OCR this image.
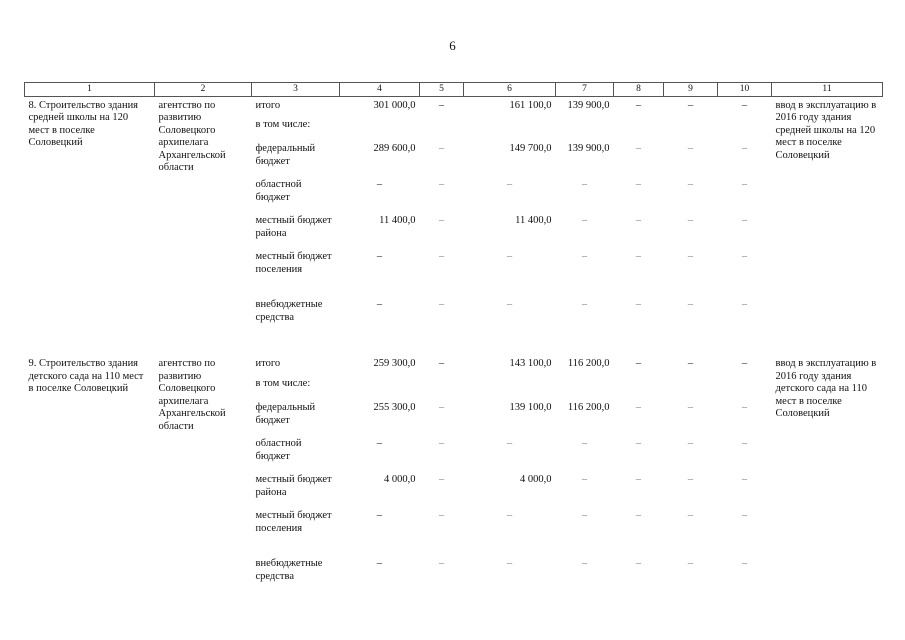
6
1	2	3	4	5	6	7	8	9	10	11
8. Строительство здания средней школы на 120 мест в поселке Соловецкий	агентство по развитию Соловецкого архипелага Архангельской области	итого	301 000,0	–	161 100,0	139 900,0	–	–	–	ввод в эксплуатацию в 2016 году здания средней школы на 120 мест в поселке Соловецкий
		в том числе:								
		федеральный бюджет	289 600,0	–	149 700,0	139 900,0	–	–	–	
		областной бюджет	–	–	–	–	–	–	–	
		местный бюджет района	11 400,0	–	11 400,0	–	–	–	–	
		местный бюджет поселения	–	–	–	–	–	–	–	
		внебюджетные средства	–	–	–	–	–	–	–	

9. Строительство здания детского сада на 110 мест в поселке Соловецкий	агентство по развитию Соловецкого архипелага Архангельской области	итого	259 300,0	–	143 100,0	116 200,0	–	–	–	ввод в эксплуатацию в 2016 году здания детского сада на 110 мест в поселке Соловецкий
		в том числе:								
		федеральный бюджет	255 300,0	–	139 100,0	116 200,0	–	–	–	
		областной бюджет	–	–	–	–	–	–	–	
		местный бюджет района	4 000,0	–	4 000,0	–	–	–	–	
		местный бюджет поселения	–	–	–	–	–	–	–	
		внебюджетные средства	–	–	–	–	–	–	–	
